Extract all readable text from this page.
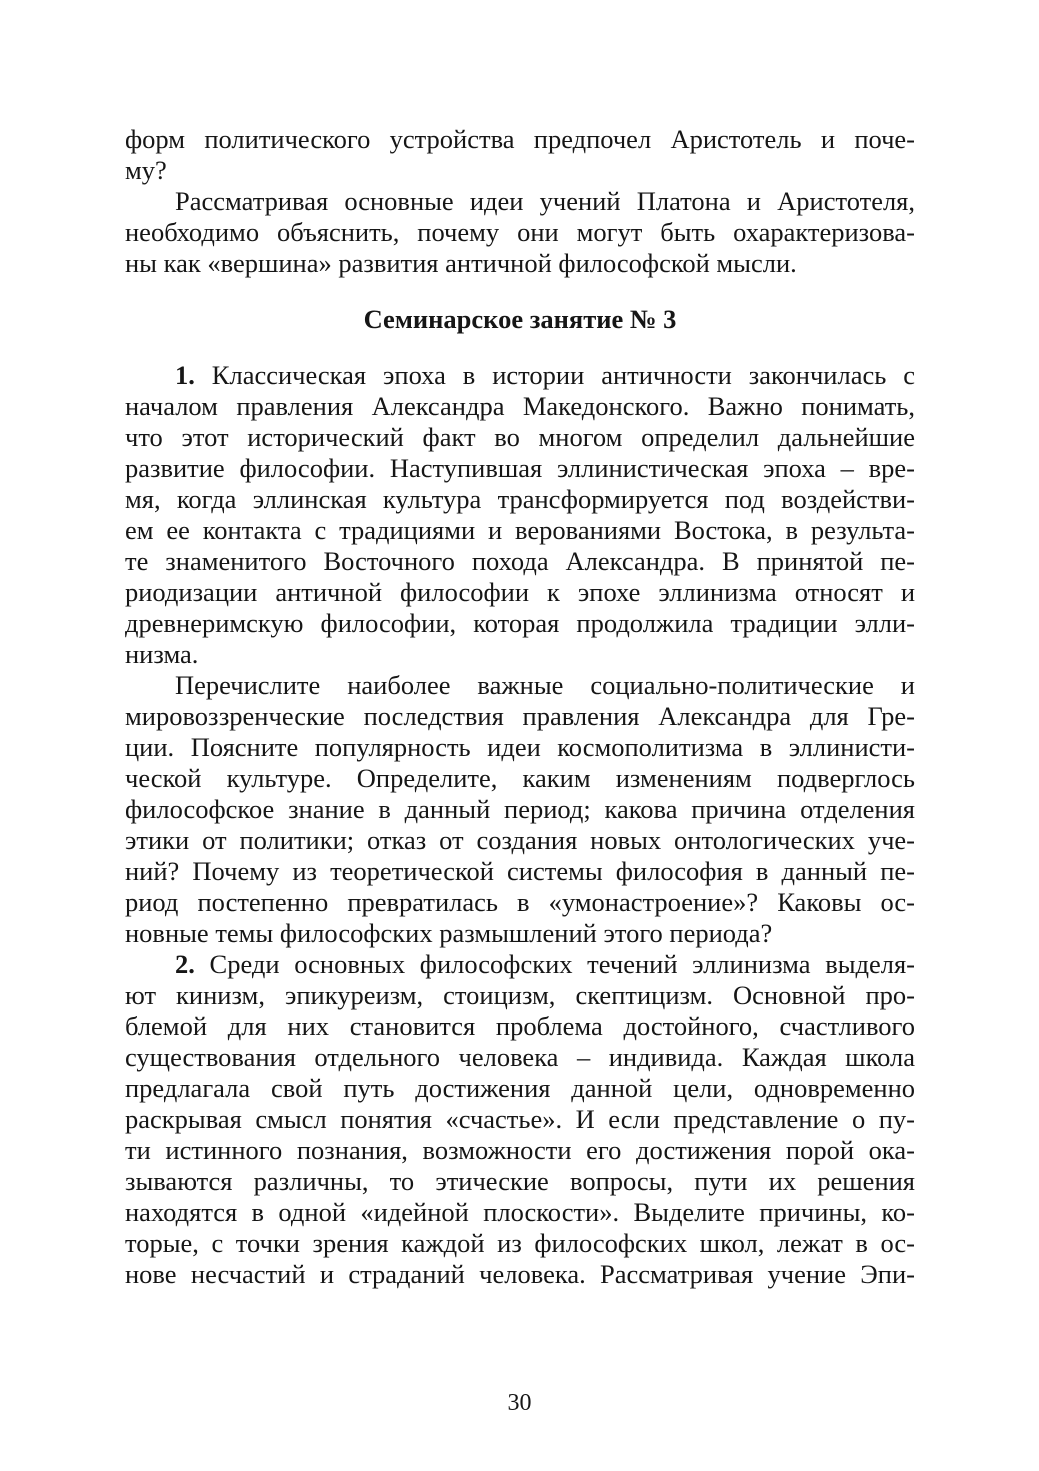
форм политического устройства предпочел Аристотель и поче-
му?
Рассматривая основные идеи учений Платона и Аристотеля,
необходимо объяснить, почему они могут быть охарактеризова-
ны как «вершина» развития античной философской мысли.
Семинарское занятие № 3
1. Классическая эпоха в истории античности закончилась с
началом правления Александра Македонского. Важно понимать,
что этот исторический факт во многом определил дальнейшие
развитие философии. Наступившая эллинистическая эпоха – вре-
мя, когда эллинская культура трансформируется под воздействи-
ем ее контакта с традициями и верованиями Востока, в результа-
те знаменитого Восточного похода Александра. В принятой пе-
риодизации античной философии к эпохе эллинизма относят и
древнеримскую философии, которая продолжила традиции элли-
низма.
Перечислите наиболее важные социально-политические и
мировоззренческие последствия правления Александра для Гре-
ции. Поясните популярность идеи космополитизма в эллинисти-
ческой культуре. Определите, каким изменениям подверглось
философское знание в данный период; какова причина отделения
этики от политики; отказ от создания новых онтологических уче-
ний? Почему из теоретической системы философия в данный пе-
риод постепенно превратилась в «умонастроение»? Каковы ос-
новные темы философских размышлений этого периода?
2. Среди основных философских течений эллинизма выделя-
ют кинизм, эпикуреизм, стоицизм, скептицизм. Основной про-
блемой для них становится проблема достойного, счастливого
существования отдельного человека – индивида. Каждая школа
предлагала свой путь достижения данной цели, одновременно
раскрывая смысл понятия «счастье». И если представление о пу-
ти истинного познания, возможности его достижения порой ока-
зываются различны, то этические вопросы, пути их решения
находятся в одной «идейной плоскости». Выделите причины, ко-
торые, с точки зрения каждой из философских школ, лежат в ос-
нове несчастий и страданий человека. Рассматривая учение Эпи-
30
